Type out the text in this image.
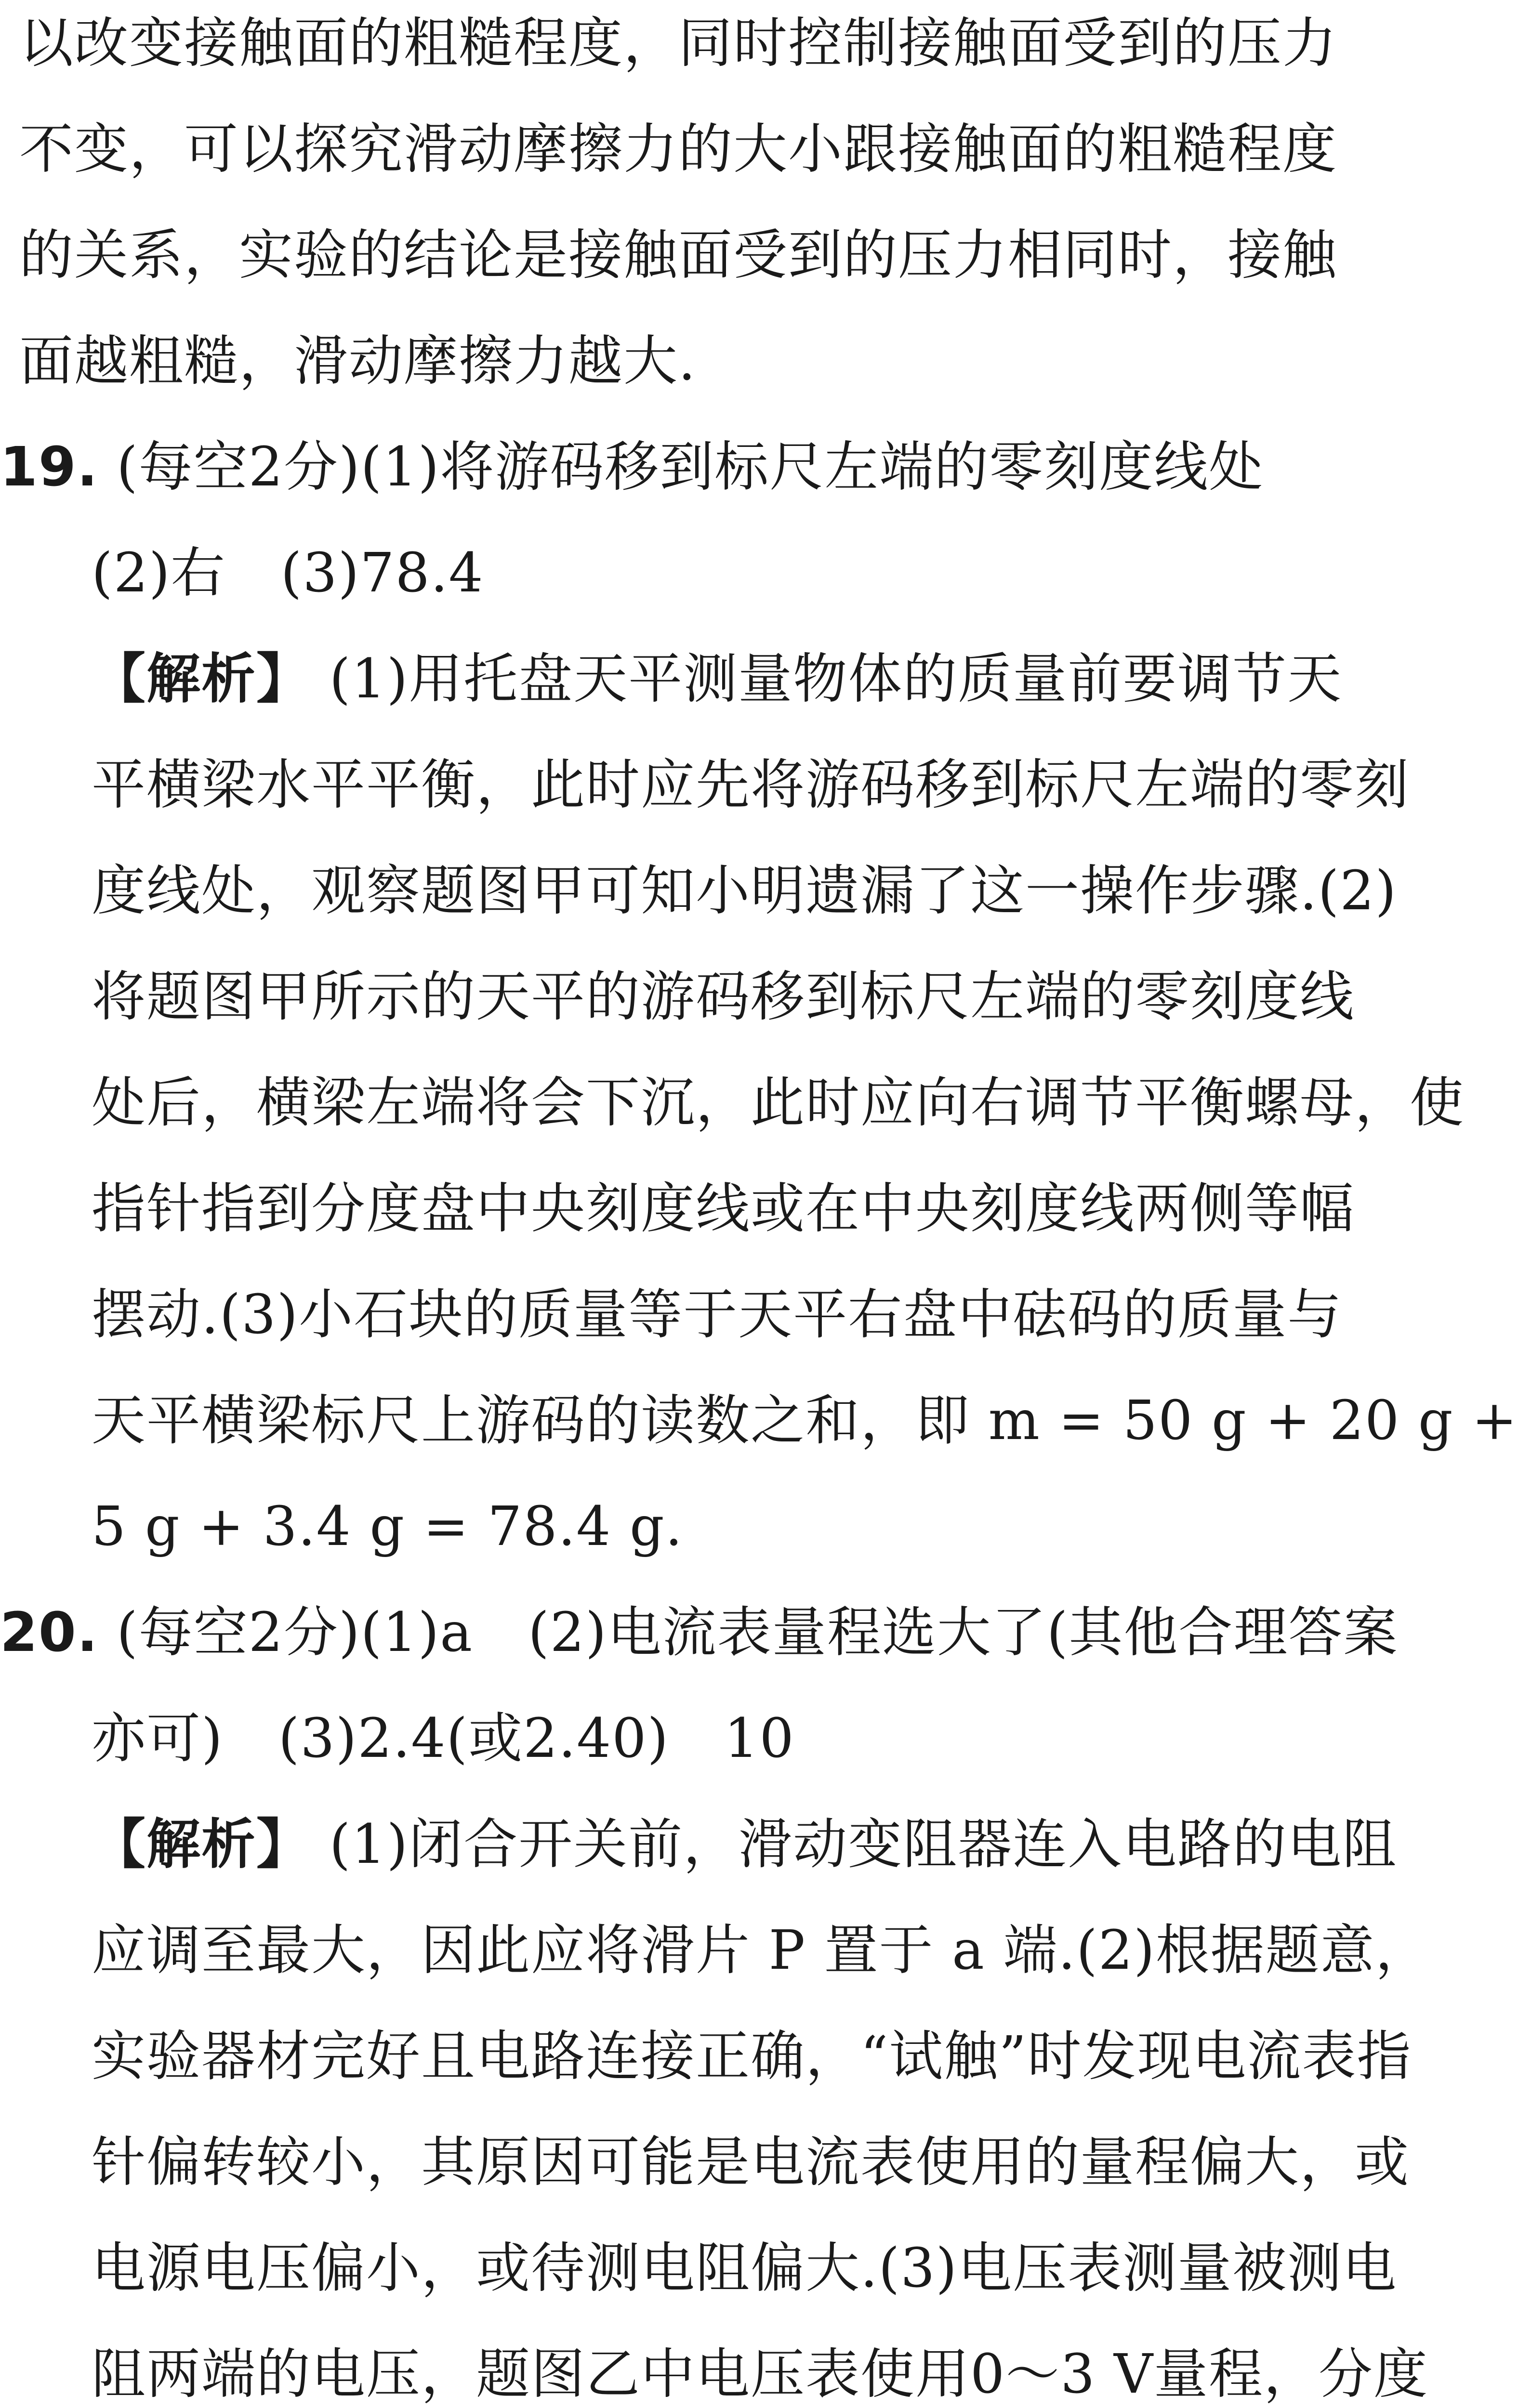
以改变接触面的粗糙程度，同时控制接触面受到的压力
不变，可以探究滑动摩擦力的大小跟接触面的粗糙程度
的关系，实验的结论是接触面受到的压力相同时，接触
面越粗糙，滑动摩擦力越大.
19. (每空2分)(1)将游码移到标尺左端的零刻度线处
(2)右　(3)78.4
【解析】 (1)用托盘天平测量物体的质量前要调节天
平横梁水平平衡，此时应先将游码移到标尺左端的零刻
度线处，观察题图甲可知小明遗漏了这一操作步骤.(2)
将题图甲所示的天平的游码移到标尺左端的零刻度线
处后，横梁左端将会下沉，此时应向右调节平衡螺母，使
指针指到分度盘中央刻度线或在中央刻度线两侧等幅
摆动.(3)小石块的质量等于天平右盘中砝码的质量与
天平横梁标尺上游码的读数之和，即 m = 50 g + 20 g +
5 g + 3.4 g = 78.4 g.
20. (每空2分)(1)a　(2)电流表量程选大了(其他合理答案
亦可)　(3)2.4(或2.40)　10
【解析】 (1)闭合开关前，滑动变阻器连入电路的电阻
应调至最大，因此应将滑片 P 置于 a 端.(2)根据题意，
实验器材完好且电路连接正确，“试触”时发现电流表指
针偏转较小，其原因可能是电流表使用的量程偏大，或
电源电压偏小，或待测电阻偏大.(3)电压表测量被测电
阻两端的电压，题图乙中电压表使用0～3 V量程，分度
